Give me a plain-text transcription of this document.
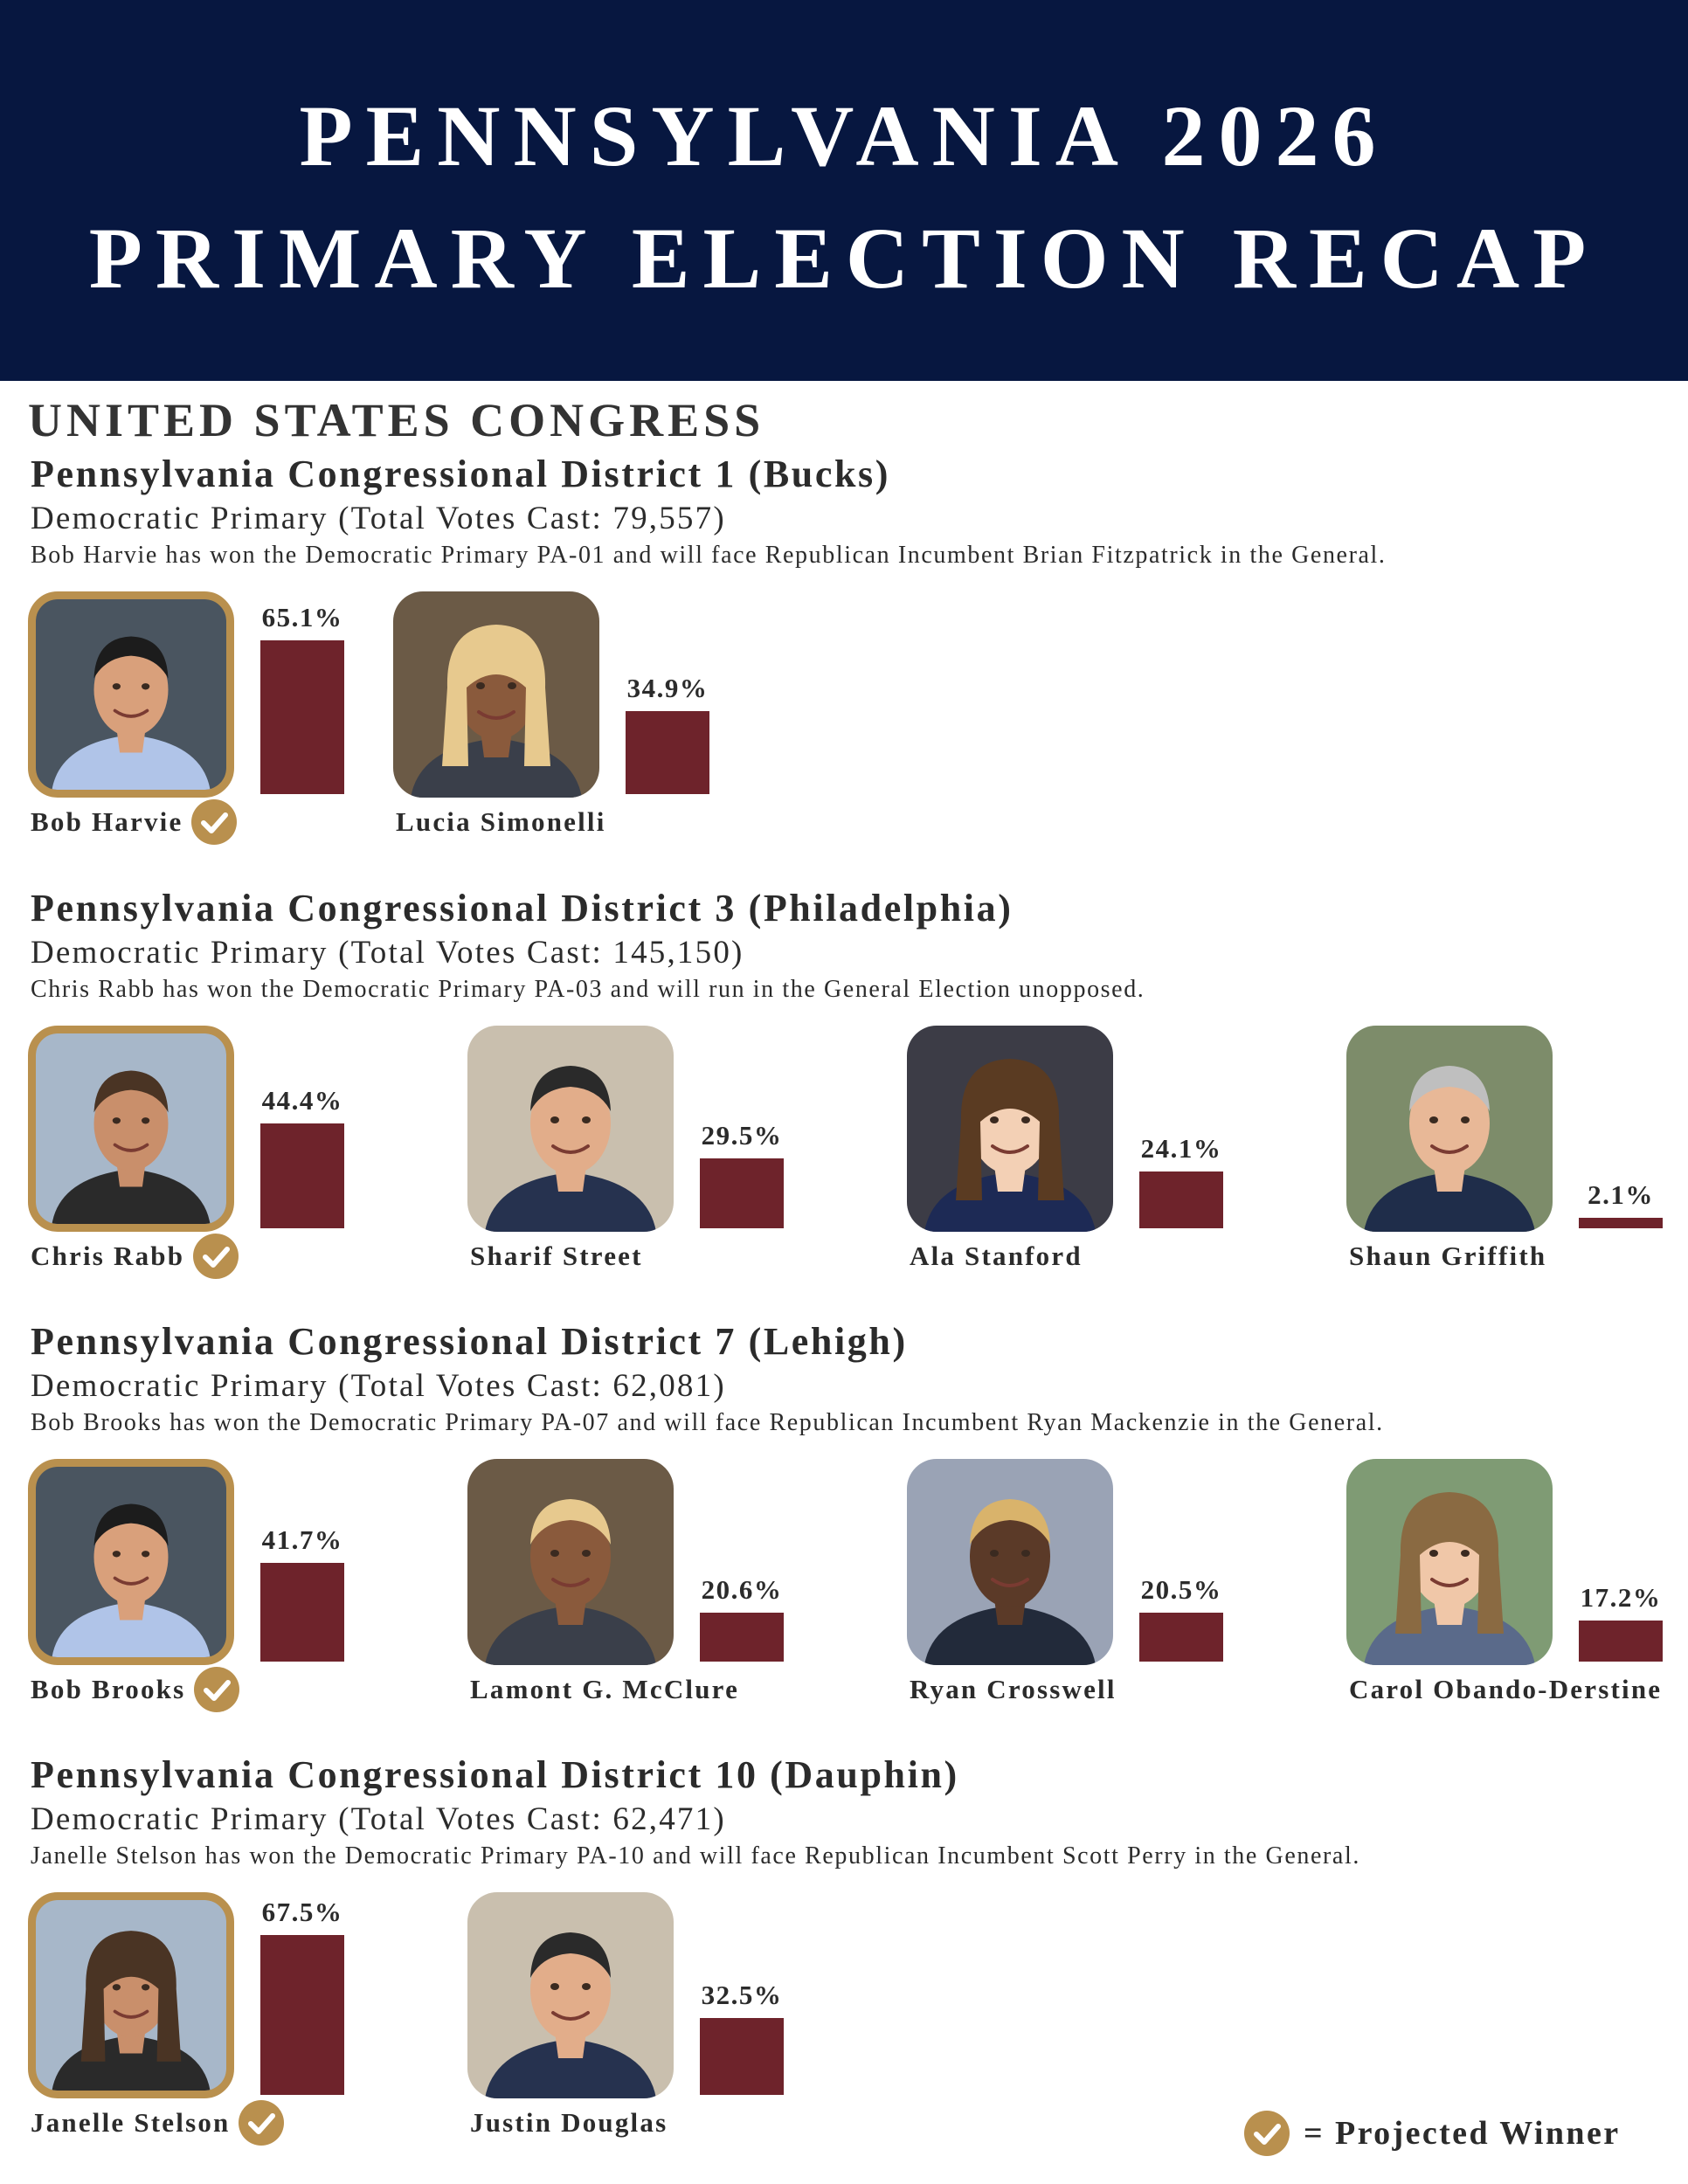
PENNSYLVANIA 2026
PRIMARY ELECTION RECAP
UNITED STATES CONGRESS
Pennsylvania Congressional District 1 (Bucks)
Democratic Primary (Total Votes Cast: 79,557)
Bob Harvie has won the Democratic Primary PA-01 and will face Republican Incumbent Brian Fitzpatrick in the General.
65.1%
Bob Harvie
34.9%
Lucia Simonelli
Pennsylvania Congressional District 3 (Philadelphia)
Democratic Primary (Total Votes Cast: 145,150)
Chris Rabb has won the Democratic Primary PA-03 and will run in the General Election unopposed.
44.4%
Chris Rabb
29.5%
Sharif Street
24.1%
Ala Stanford
2.1%
Shaun Griffith
Pennsylvania Congressional District 7 (Lehigh)
Democratic Primary (Total Votes Cast: 62,081)
Bob Brooks has won the Democratic Primary PA-07 and will face Republican Incumbent Ryan Mackenzie in the General.
41.7%
Bob Brooks
20.6%
Lamont G. McClure
20.5%
Ryan Crosswell
17.2%
Carol Obando-Derstine
Pennsylvania Congressional District 10 (Dauphin)
Democratic Primary (Total Votes Cast: 62,471)
Janelle Stelson has won the Democratic Primary PA-10 and will face Republican Incumbent Scott Perry in the General.
67.5%
Janelle Stelson
32.5%
Justin Douglas	= Projected Winner
